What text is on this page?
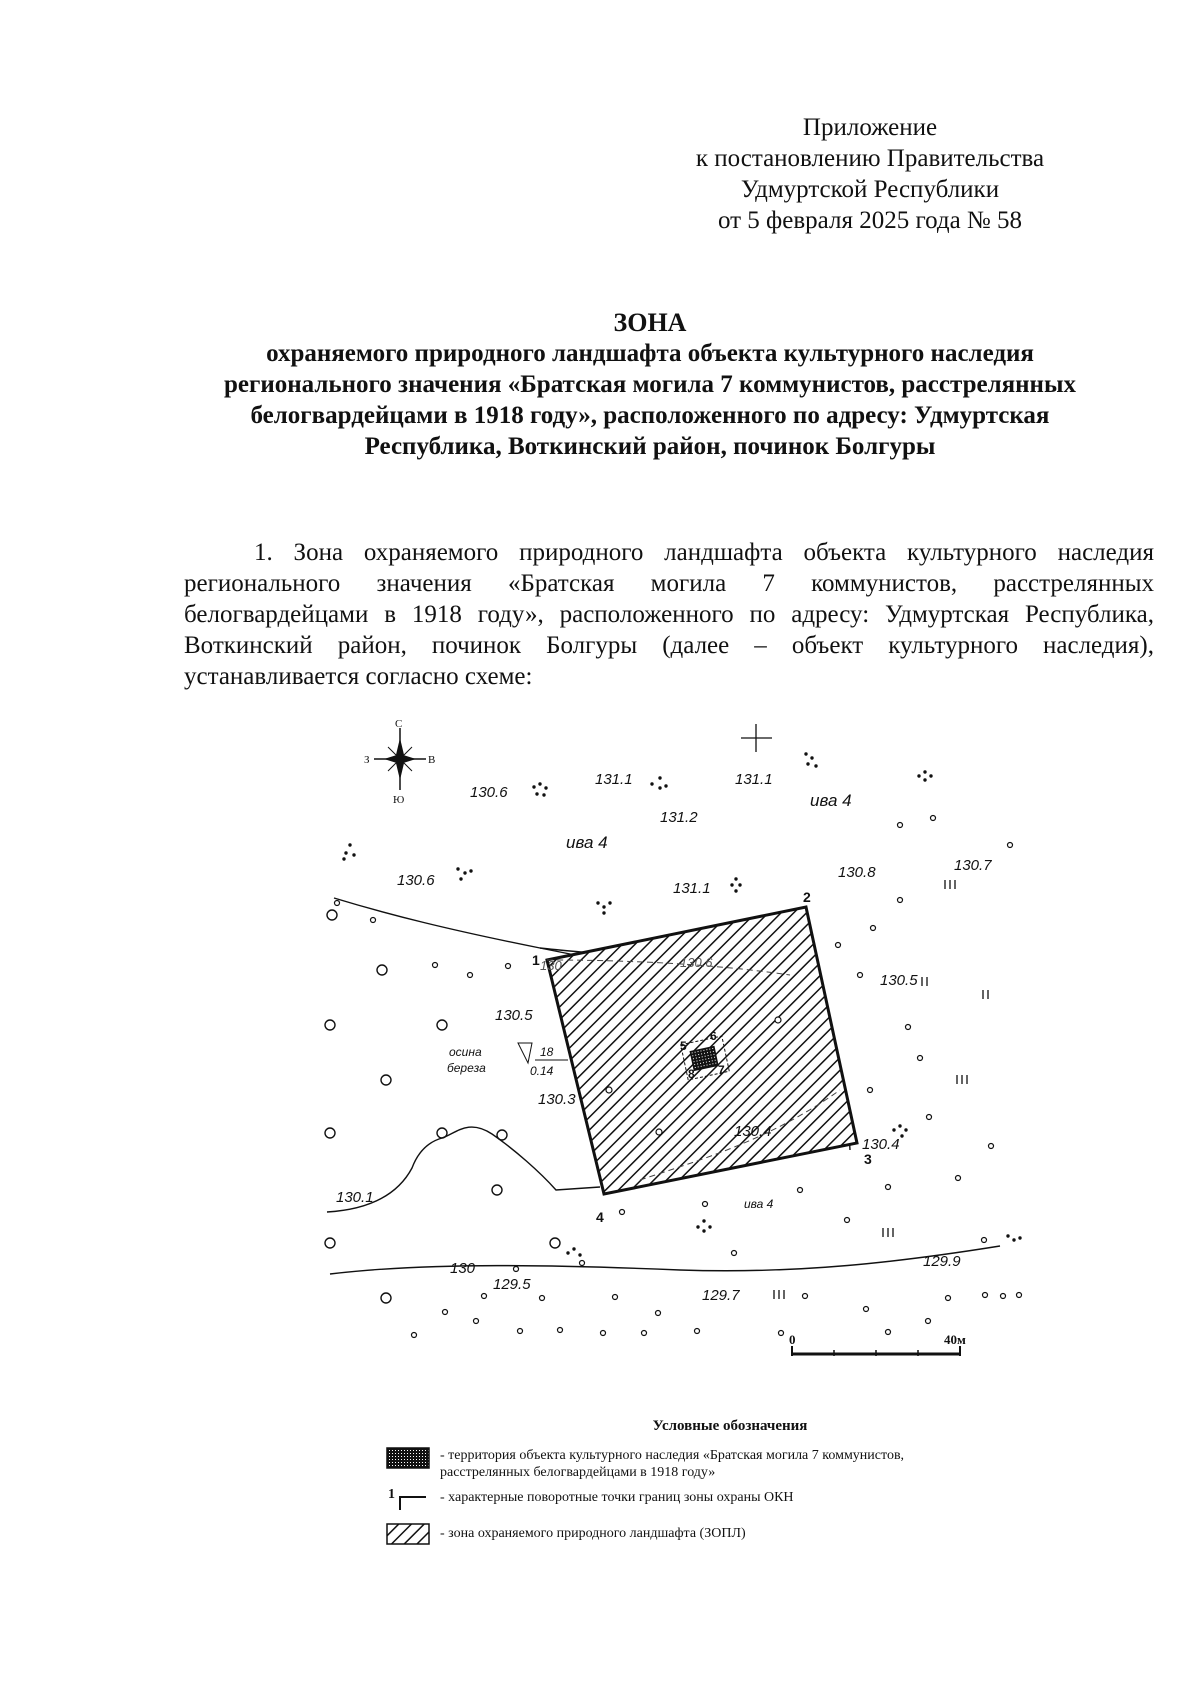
Приложение
к постановлению Правительства
Удмуртской Республики
от 5 февраля 2025 года № 58
ЗОНА
охраняемого природного ландшафта объекта культурного наследия
регионального значения «Братская могила 7 коммунистов, расстрелянных
белогвардейцами в 1918 году», расположенного по адресу: Удмуртская
Республика, Воткинский район, починок Болгуры
1. Зона охраняемого природного ландшафта объекта культурного наследия регионального значения «Братская могила 7 коммунистов, расстрелянных белогвардейцами в 1918 году», расположенного по адресу: Удмуртская Республика, Воткинский район, починок Болгуры (далее – объект культурного наследия), устанавливается согласно схеме:
С
Ю
З	В
1
2
3
4
5
6
7
8
130.6
131.1	131.1
131.2
130.6	131.1
130.8	130.7
130.5
130.5
130.3
130.4
130.4
130.1
130
129.5
129.7
129.9
130.6
130
ива 4
ива 4
ива 4
осина
береза
18
0.14
0	40м
Условные обозначения
- территория объекта культурного наследия «Братская могила 7 коммунистов, расстрелянных белогвардейцами в 1918 году»
1	- характерные поворотные точки границ зоны охраны ОКН
- зона охраняемого природного ландшафта (ЗОПЛ)
